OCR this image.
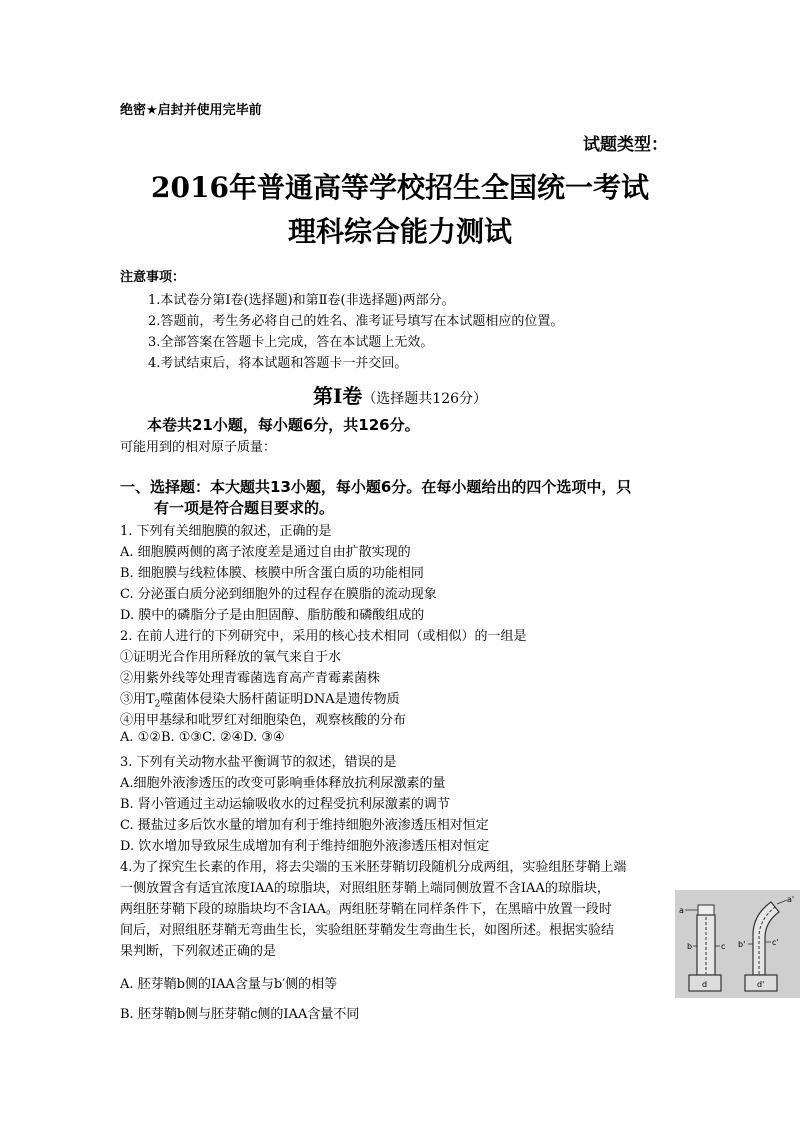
绝密★启封并使用完毕前
试题类型：
2016年普通高等学校招生全国统一考试
理科综合能力测试
注意事项：
1.本试卷分第Ⅰ卷(选择题)和第Ⅱ卷(非选择题)两部分。
2.答题前，考生务必将自己的姓名、准考证号填写在本试题相应的位置。
3.全部答案在答题卡上完成，答在本试题上无效。
4.考试结束后，将本试题和答题卡一并交回。
第Ⅰ卷（选择题共126分）
本卷共21小题，每小题6分，共126分。
可能用到的相对原子质量：
一、选择题：本大题共13小题，每小题6分。在每小题给出的四个选项中，只
有一项是符合题目要求的。
1. 下列有关细胞膜的叙述，正确的是
A. 细胞膜两侧的离子浓度差是通过自由扩散实现的
B. 细胞膜与线粒体膜、核膜中所含蛋白质的功能相同
C. 分泌蛋白质分泌到细胞外的过程存在膜脂的流动现象
D. 膜中的磷脂分子是由胆固醇、脂肪酸和磷酸组成的
2. 在前人进行的下列研究中，采用的核心技术相同（或相似）的一组是
①证明光合作用所释放的氧气来自于水
②用紫外线等处理青霉菌选育高产青霉素菌株
③用$T_2$噬菌体侵染大肠杆菌证明DNA是遗传物质
④用甲基绿和吡罗红对细胞染色，观察核酸的分布
A. ①②B. ①③C. ②④D. ③④
3. 下列有关动物水盐平衡调节的叙述，错误的是
A.细胞外液渗透压的改变可影响垂体释放抗利尿激素的量
B. 肾小管通过主动运输吸收水的过程受抗利尿激素的调节
C. 摄盐过多后饮水量的增加有利于维持细胞外液渗透压相对恒定
D. 饮水增加导致尿生成增加有利于维持细胞外液渗透压相对恒定
4.为了探究生长素的作用，将去尖端的玉米胚芽鞘切段随机分成两组，实验组胚芽鞘上端
一侧放置含有适宜浓度IAA的琼脂块，对照组胚芽鞘上端同侧放置不含IAA的琼脂块，
两组胚芽鞘下段的琼脂块均不含IAA。两组胚芽鞘在同样条件下，在黑暗中放置一段时
间后，对照组胚芽鞘无弯曲生长，实验组胚芽鞘发生弯曲生长，如图所述。根据实验结
果判断，下列叙述正确的是
A. 胚芽鞘b侧的IAA含量与b′侧的相等
B. 胚芽鞘b侧与胚芽鞘c侧的IAA含量不同
a
b	c
d
a'
b'	c'
d'
